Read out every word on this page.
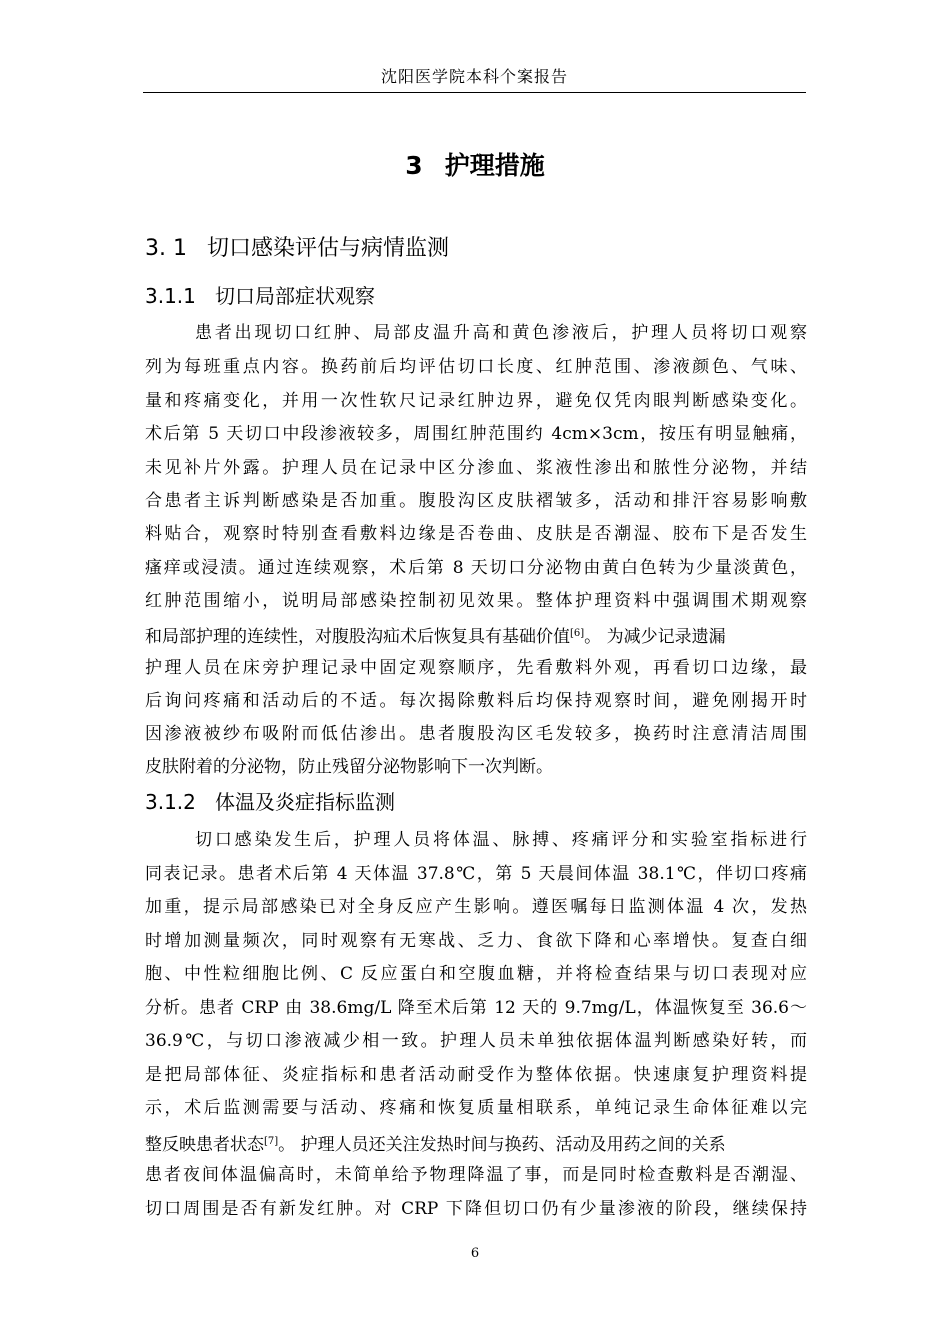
沈阳医学院本科个案报告
3 护理措施
3. 1 切口感染评估与病情监测
3.1.1 切口局部症状观察
患者出现切口红肿、局部皮温升高和黄色渗液后，护理人员将切口观察
列为每班重点内容。换药前后均评估切口长度、红肿范围、渗液颜色、气味、
量和疼痛变化，并用一次性软尺记录红肿边界，避免仅凭肉眼判断感染变化。
术后第 5 天切口中段渗液较多，周围红肿范围约 4cm×3cm，按压有明显触痛，
未见补片外露。护理人员在记录中区分渗血、浆液性渗出和脓性分泌物，并结
合患者主诉判断感染是否加重。腹股沟区皮肤褶皱多，活动和排汗容易影响敷
料贴合，观察时特别查看敷料边缘是否卷曲、皮肤是否潮湿、胶布下是否发生
瘙痒或浸渍。通过连续观察，术后第 8 天切口分泌物由黄白色转为少量淡黄色，
红肿范围缩小，说明局部感染控制初见效果。整体护理资料中强调围术期观察
和局部护理的连续性，对腹股沟疝术后恢复具有基础价值[6]。 为减少记录遗漏
护理人员在床旁护理记录中固定观察顺序，先看敷料外观，再看切口边缘，最
后询问疼痛和活动后的不适。每次揭除敷料后均保持观察时间，避免刚揭开时
因渗液被纱布吸附而低估渗出。患者腹股沟区毛发较多，换药时注意清洁周围
皮肤附着的分泌物，防止残留分泌物影响下一次判断。
3.1.2 体温及炎症指标监测
切口感染发生后，护理人员将体温、脉搏、疼痛评分和实验室指标进行
同表记录。患者术后第 4 天体温 37.8℃，第 5 天晨间体温 38.1℃，伴切口疼痛
加重，提示局部感染已对全身反应产生影响。遵医嘱每日监测体温 4 次，发热
时增加测量频次，同时观察有无寒战、乏力、食欲下降和心率增快。复查白细
胞、中性粒细胞比例、C 反应蛋白和空腹血糖，并将检查结果与切口表现对应
分析。患者 CRP 由 38.6mg/L 降至术后第 12 天的 9.7mg/L，体温恢复至 36.6～
36.9℃，与切口渗液减少相一致。护理人员未单独依据体温判断感染好转，而
是把局部体征、炎症指标和患者活动耐受作为整体依据。快速康复护理资料提
示，术后监测需要与活动、疼痛和恢复质量相联系，单纯记录生命体征难以完
整反映患者状态[7]。 护理人员还关注发热时间与换药、活动及用药之间的关系
患者夜间体温偏高时，未简单给予物理降温了事，而是同时检查敷料是否潮湿、
切口周围是否有新发红肿。对 CRP 下降但切口仍有少量渗液的阶段，继续保持
6
